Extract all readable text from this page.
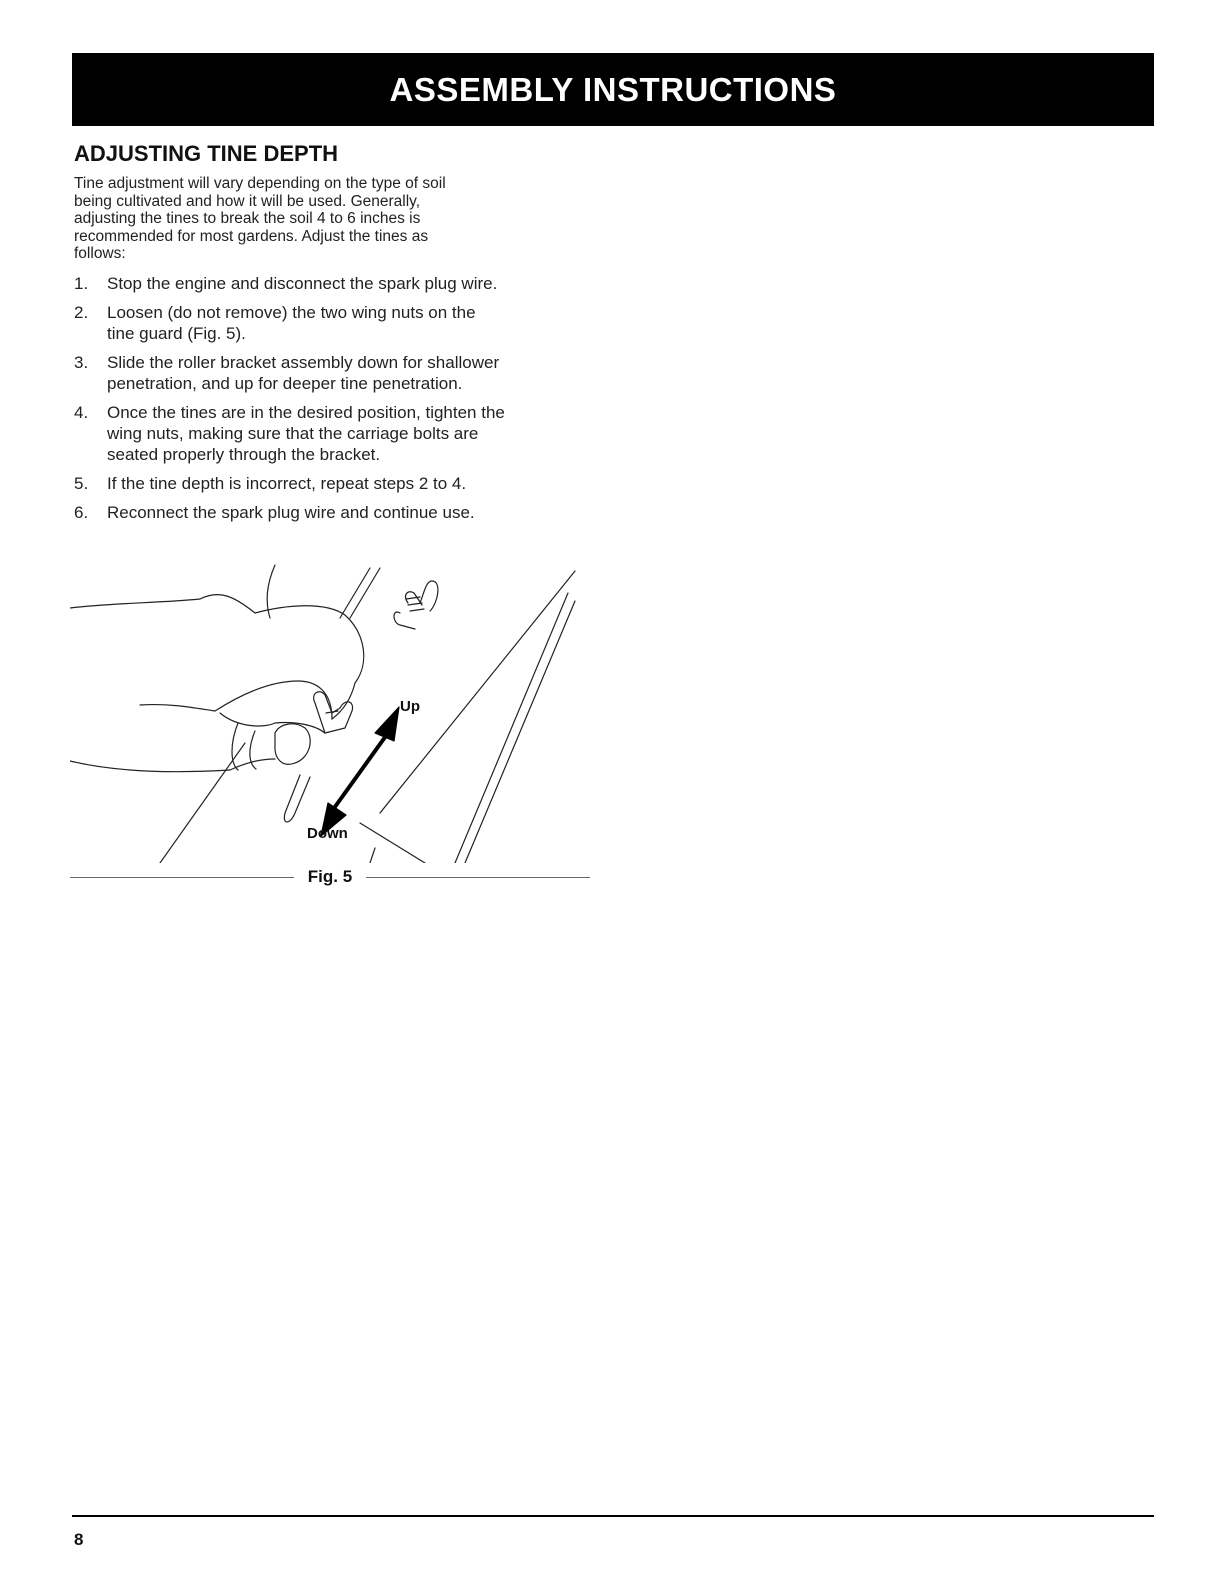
ASSEMBLY INSTRUCTIONS
ADJUSTING TINE DEPTH

Tine adjustment will vary depending on the type of soil
being cultivated and how it will be used. Generally,
adjusting the tines to break the soil 4 to 6 inches is
recommended for most gardens. Adjust the tines as
follows:

1.	Stop the engine and disconnect the spark plug wire.
2.	Loosen (do not remove) the two wing nuts on the
tine guard (Fig. 5).
3.	Slide the roller bracket assembly down for shallower
penetration, and up for deeper tine penetration.
4.	Once the tines are in the desired position, tighten the
wing nuts, making sure that the carriage bolts are
seated properly through the bracket.
5.	If the tine depth is incorrect, repeat steps 2 to 4.
6.	Reconnect the spark plug wire and continue use.
Up
Down
Fig. 5
8
